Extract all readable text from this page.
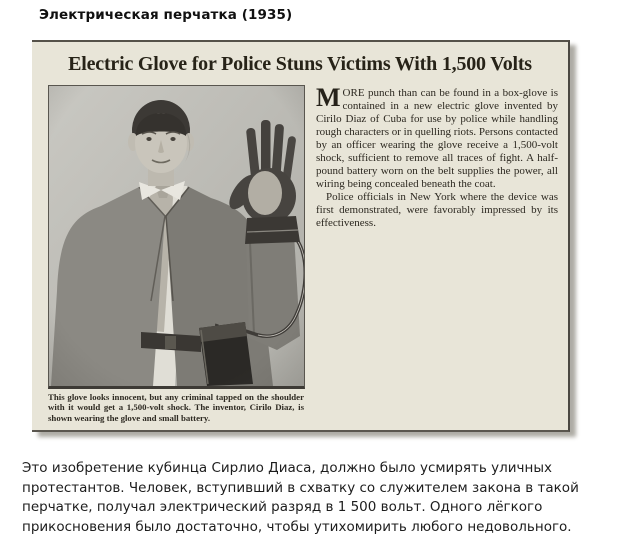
Электрическая перчатка (1935)
Electric Glove for Police Stuns Victims With 1,500 Volts
This glove looks innocent, but any criminal tapped on the shoulder with it would get a 1,500-volt shock. The inventor, Cirilo Diaz, is shown wearing the glove and small battery.

MORE punch than can be found in a box-glove is contained in a new electric glove invented by Cirilo Diaz of Cuba for use by police while handling rough characters or in quelling riots. Persons contacted by an officer wearing the glove receive a 1,500-volt shock, sufficient to remove all traces of fight. A half-pound battery worn on the belt supplies the power, all wiring being concealed beneath the coat.

Police officials in New York where the device was first demonstrated, were favorably impressed by its effectiveness.

Это изобретение кубинца Сирлио Диаса, должно было усмирять уличных протестантов. Человек, вступивший в схватку со служителем закона в такой перчатке, получал электрический разряд в 1 500 вольт. Одного лёгкого прикосновения было достаточно, чтобы утихомирить любого недовольного.
